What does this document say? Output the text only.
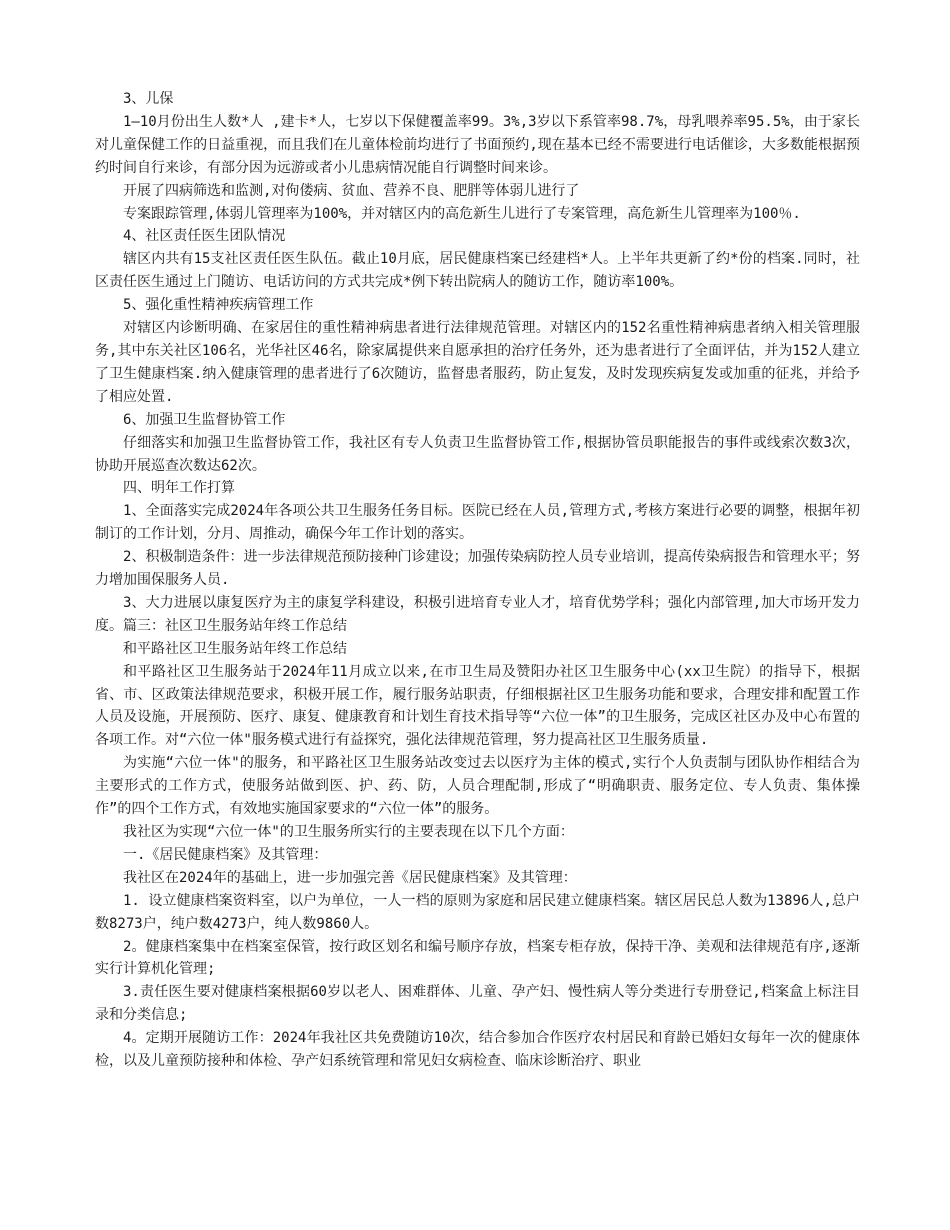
3、儿保

1—10月份出生人数*人 ,建卡*人，七岁以下保健覆盖率99。3%,3岁以下系管率98.7%，母乳喂养率95.5%，由于家长对儿童保健工作的日益重视，而且我们在儿童体检前均进行了书面预约,现在基本已经不需要进行电话催诊，大多数能根据预约时间自行来诊，有部分因为远游或者小儿患病情况能自行调整时间来诊。

开展了四病筛选和监测,对佝偻病、贫血、营养不良、肥胖等体弱儿进行了

专案跟踪管理,体弱儿管理率为100%，并对辖区内的高危新生儿进行了专案管理，高危新生儿管理率为100％.

4、社区责任医生团队情况

辖区内共有15支社区责任医生队伍。截止10月底，居民健康档案已经建档*人。上半年共更新了约*份的档案.同时，社区责任医生通过上门随访、电话访问的方式共完成*例下转出院病人的随访工作，随访率100%。

5、强化重性精神疾病管理工作

对辖区内诊断明确、在家居住的重性精神病患者进行法律规范管理。对辖区内的152名重性精神病患者纳入相关管理服务,其中东关社区106名，光华社区46名，除家属提供来自愿承担的治疗任务外，还为患者进行了全面评估，并为152人建立了卫生健康档案.纳入健康管理的患者进行了6次随访，监督患者服药，防止复发，及时发现疾病复发或加重的征兆，并给予了相应处置.

6、加强卫生监督协管工作

仔细落实和加强卫生监督协管工作，我社区有专人负责卫生监督协管工作,根据协管员职能报告的事件或线索次数3次，协助开展巡查次数达62次。

四、明年工作打算

1、全面落实完成2024年各项公共卫生服务任务目标。医院已经在人员,管理方式,考核方案进行必要的调整，根据年初制订的工作计划，分月、周推动，确保今年工作计划的落实。

2、积极制造条件：进一步法律规范预防接种门诊建设；加强传染病防控人员专业培训，提高传染病报告和管理水平；努力增加围保服务人员.

3、大力进展以康复医疗为主的康复学科建设，积极引进培育专业人才，培育优势学科；强化内部管理,加大市场开发力度。篇三：社区卫生服务站年终工作总结

和平路社区卫生服务站年终工作总结

和平路社区卫生服务站于2024年11月成立以来,在市卫生局及赞阳办社区卫生服务中心(xx卫生院）的指导下，根据省、市、区政策法律规范要求，积极开展工作，履行服务站职责，仔细根据社区卫生服务功能和要求，合理安排和配置工作人员及设施，开展预防、医疗、康复、健康教育和计划生育技术指导等“六位一体”的卫生服务，完成区社区办及中心布置的各项工作。对“六位一体"服务模式进行有益探究，强化法律规范管理，努力提高社区卫生服务质量.

为实施“六位一体"的服务，和平路社区卫生服务站改变过去以医疗为主体的模式,实行个人负责制与团队协作相结合为主要形式的工作方式，使服务站做到医、护、药、防，人员合理配制,形成了“明确职责、服务定位、专人负责、集体操作”的四个工作方式，有效地实施国家要求的“六位一体”的服务。

我社区为实现“六位一体"的卫生服务所实行的主要表现在以下几个方面：

一.《居民健康档案》及其管理：

我社区在2024年的基础上，进一步加强完善《居民健康档案》及其管理：

1. 设立健康档案资料室，以户为单位，一人一档的原则为家庭和居民建立健康档案。辖区居民总人数为13896人,总户数8273户，纯户数4273户，纯人数9860人。

2。健康档案集中在档案室保管，按行政区划名和编号顺序存放，档案专柜存放，保持干净、美观和法律规范有序,逐渐实行计算机化管理;

3.责任医生要对健康档案根据60岁以老人、困难群体、儿童、孕产妇、慢性病人等分类进行专册登记,档案盒上标注目录和分类信息;

4。定期开展随访工作：2024年我社区共免费随访10次，结合参加合作医疗农村居民和育龄已婚妇女每年一次的健康体检，以及儿童预防接种和体检、孕产妇系统管理和常见妇女病检查、临床诊断治疗、职业
